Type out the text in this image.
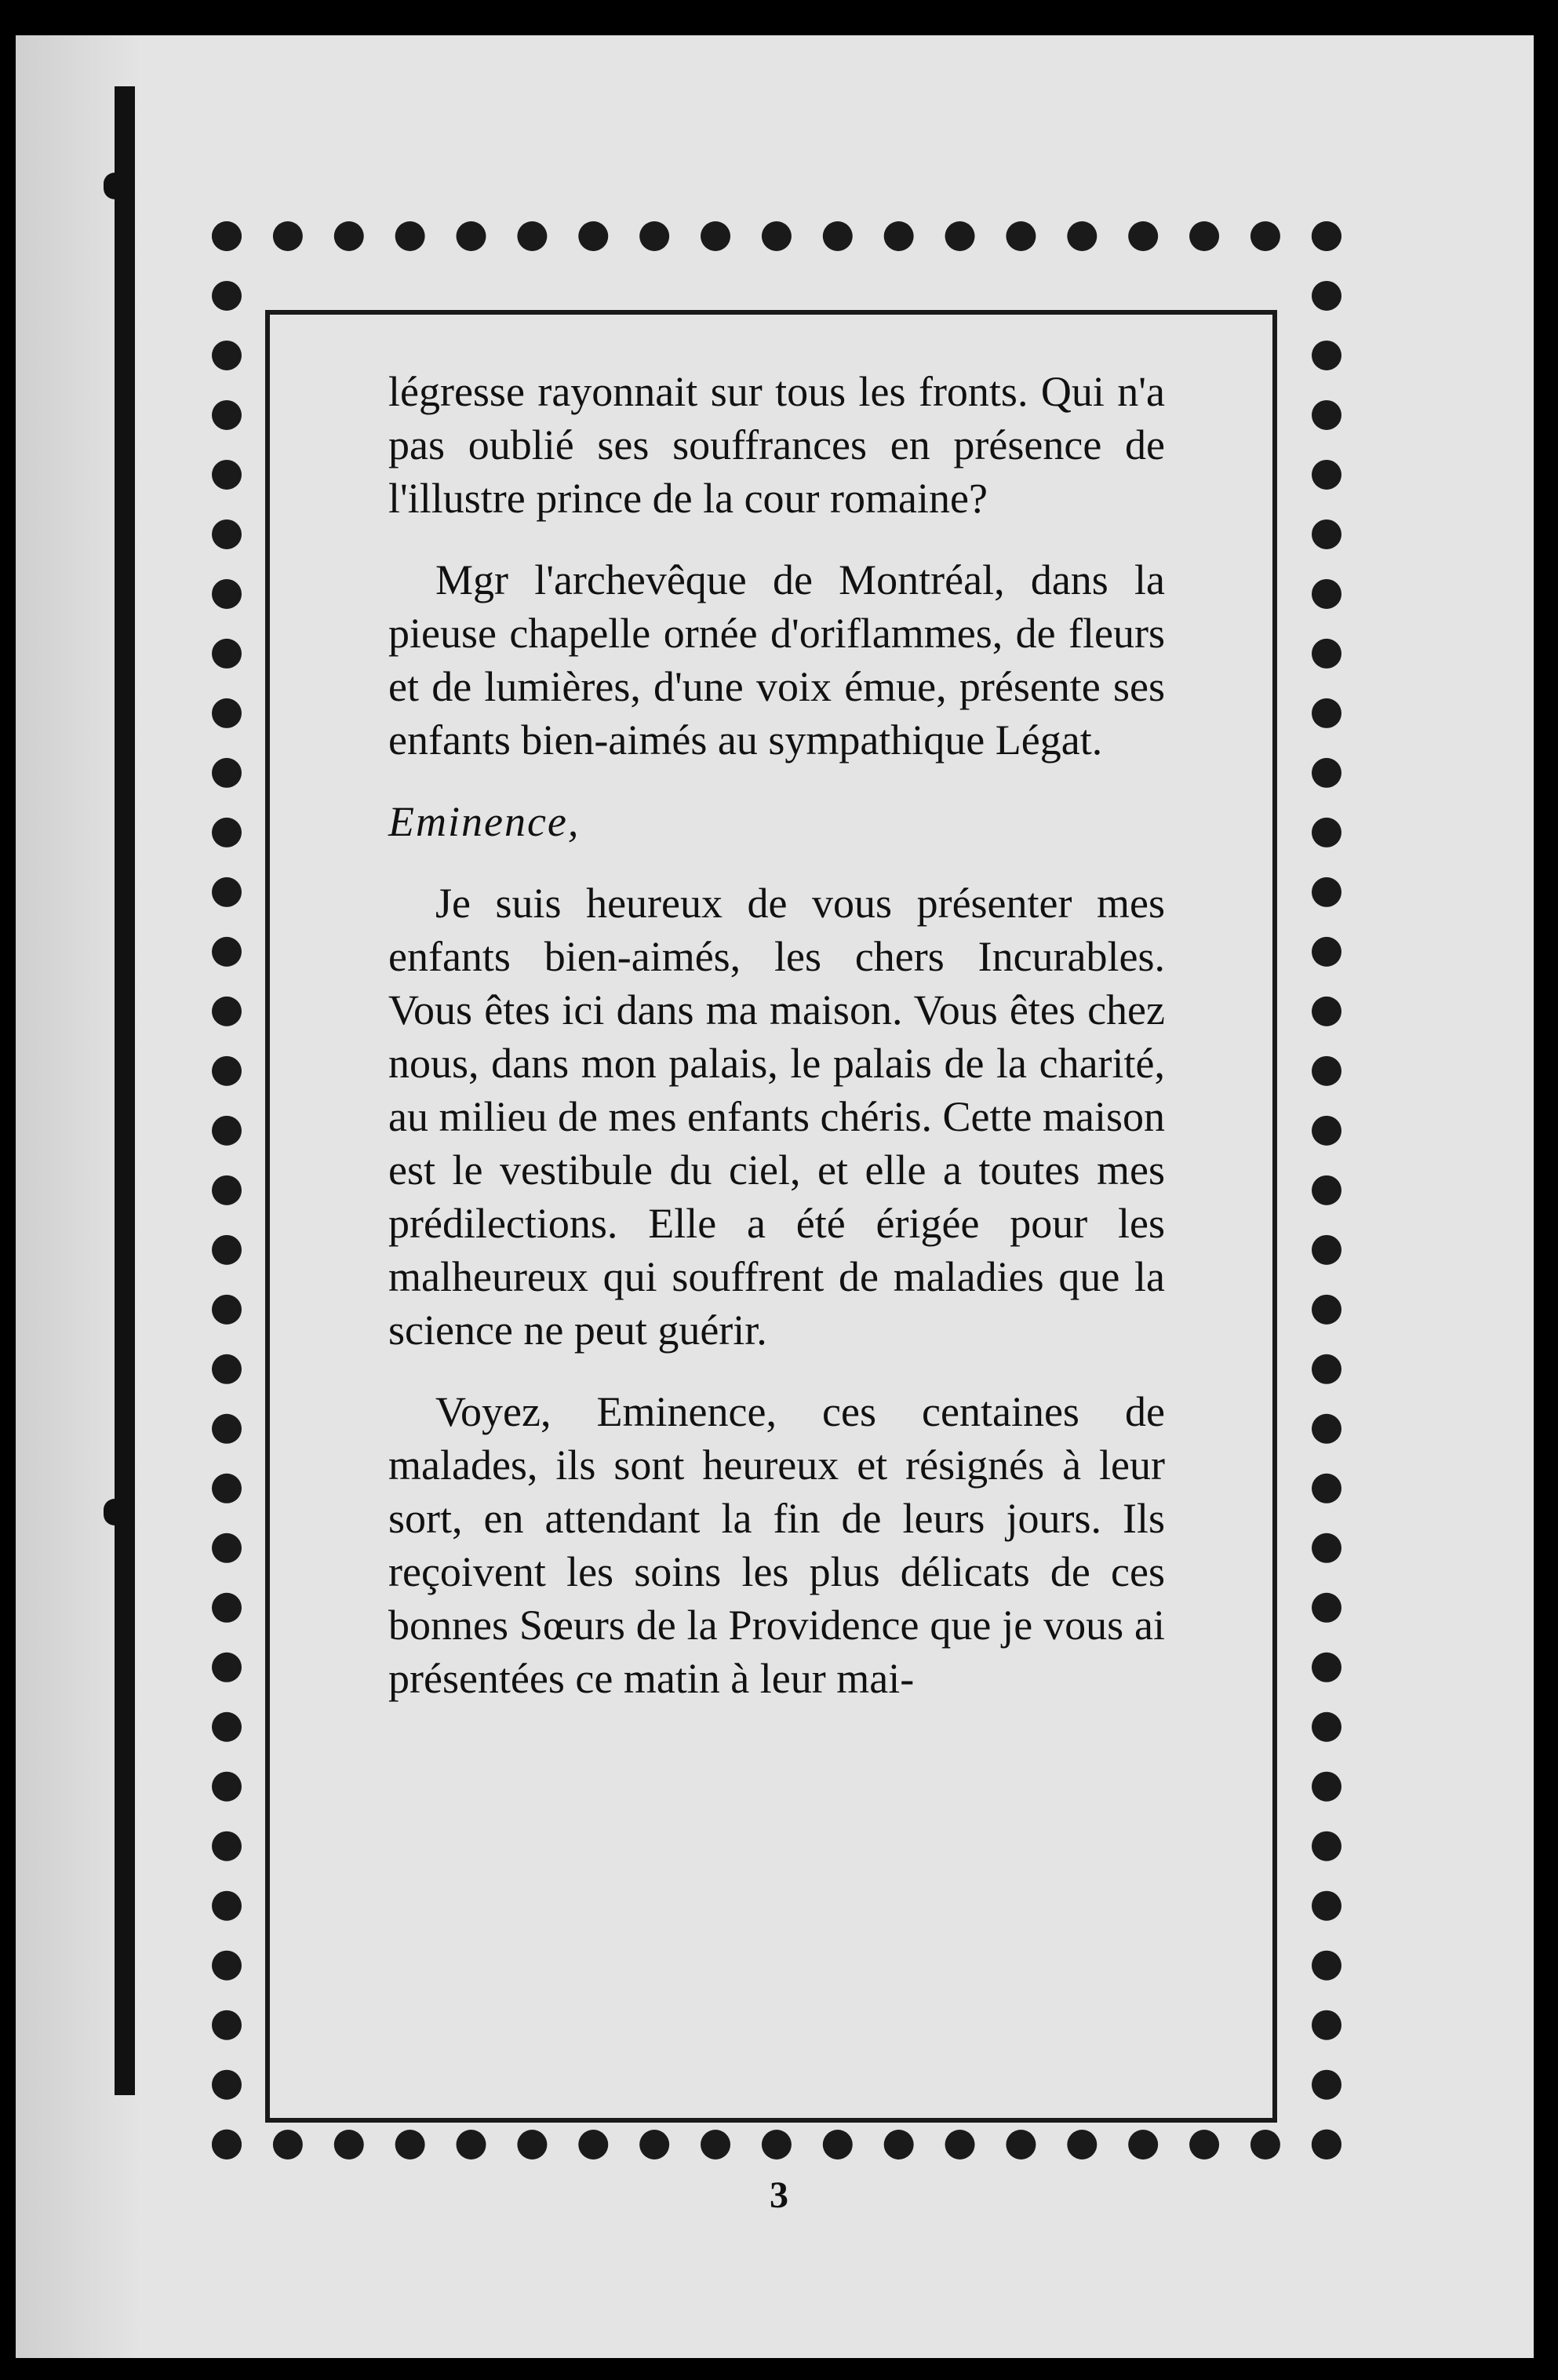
légresse rayonnait sur tous les fronts. Qui n'a pas oublié ses souffrances en présence de l'illustre prince de la cour romaine?

Mgr l'archevêque de Montréal, dans la pieuse chapelle ornée d'oriflammes, de fleurs et de lumières, d'une voix émue, présente ses enfants bien-aimés au sympathique Légat.

Eminence,

Je suis heureux de vous présenter mes enfants bien-aimés, les chers Incurables. Vous êtes ici dans ma maison. Vous êtes chez nous, dans mon palais, le palais de la charité, au milieu de mes enfants chéris. Cette maison est le vestibule du ciel, et elle a toutes mes prédilections. Elle a été érigée pour les malheureux qui souffrent de maladies que la science ne peut guérir.

Voyez, Eminence, ces centaines de malades, ils sont heureux et résignés à leur sort, en attendant la fin de leurs jours. Ils reçoivent les soins les plus délicats de ces bonnes Sœurs de la Providence que je vous ai présentées ce matin à leur mai-

3
